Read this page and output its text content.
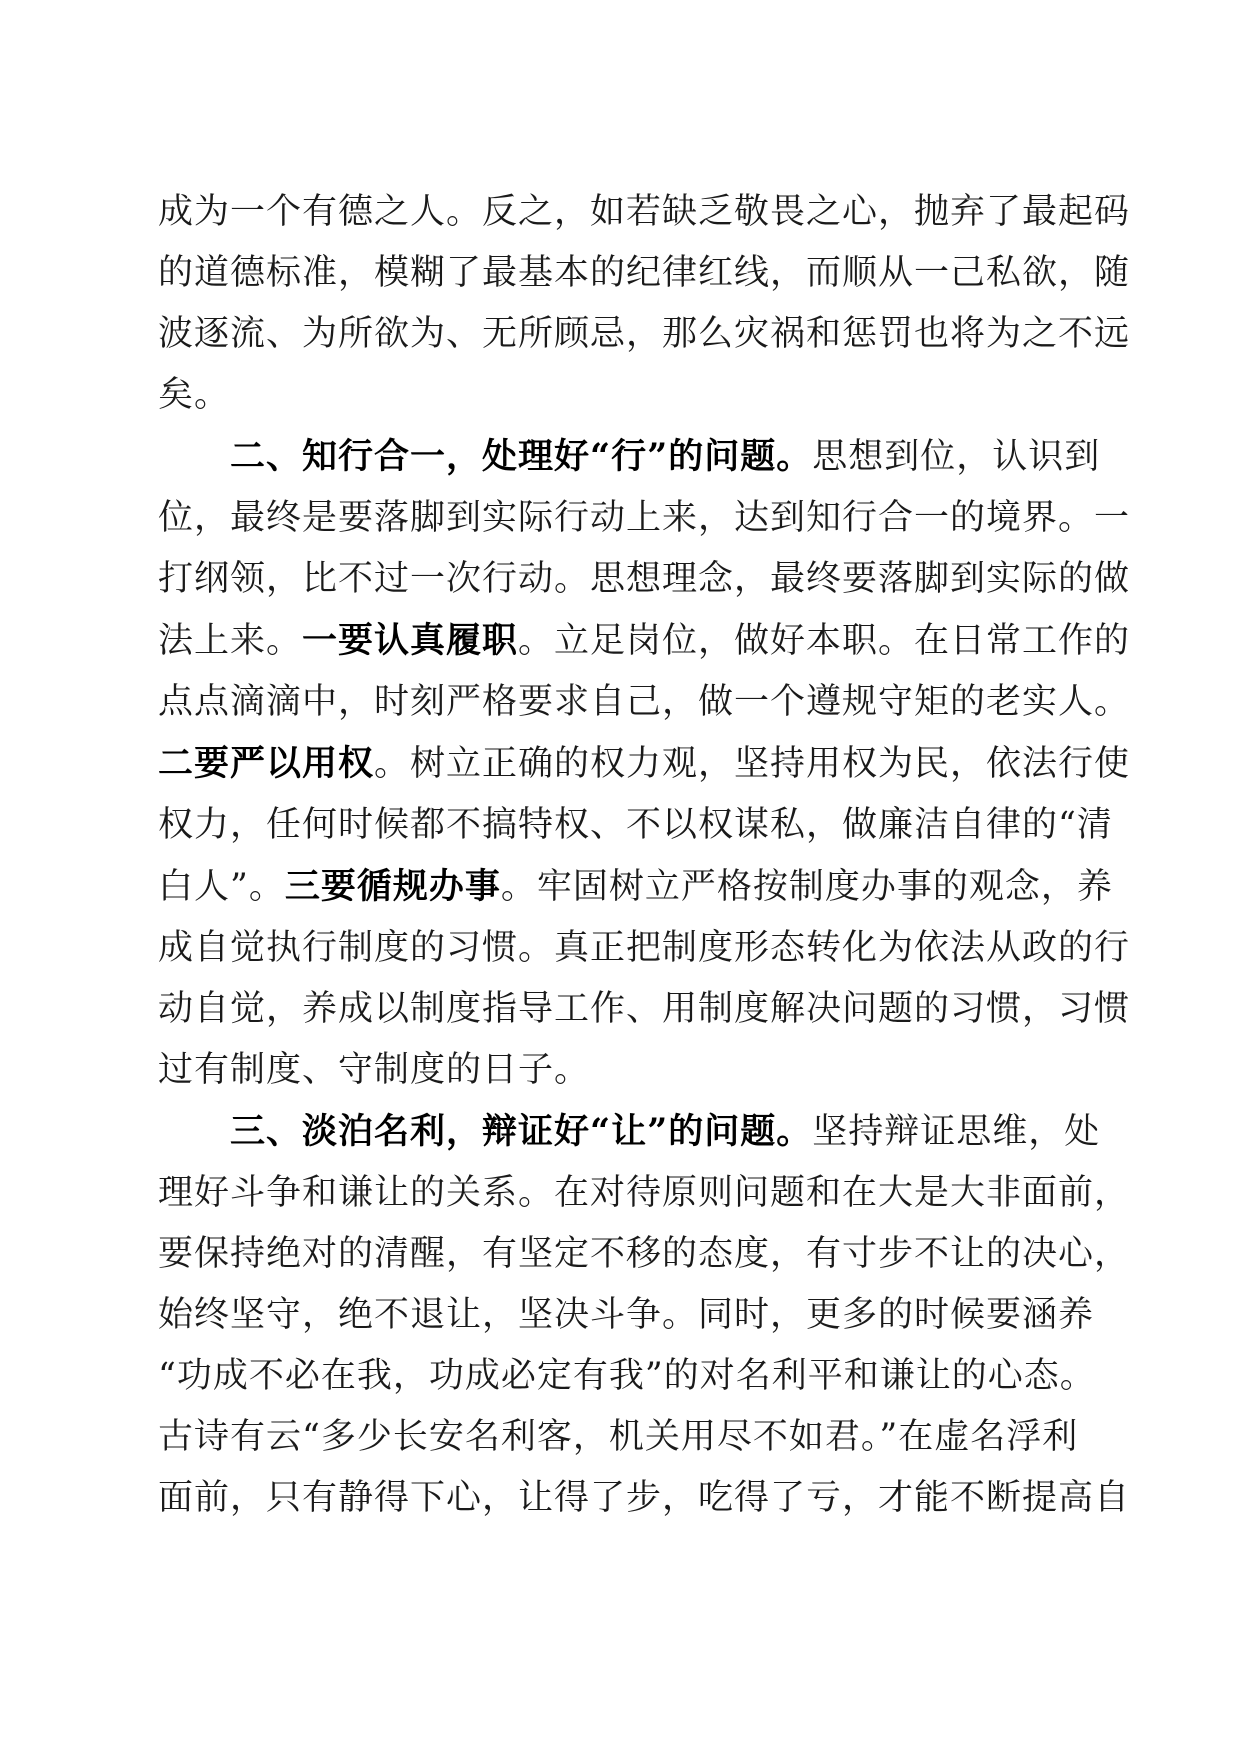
成为一个有德之人。反之，如若缺乏敬畏之心，抛弃了最起码
的道德标准，模糊了最基本的纪律红线，而顺从一己私欲，随
波逐流、为所欲为、无所顾忌，那么灾祸和惩罚也将为之不远
矣。

　　二、知行合一，处理好“行”的问题。思想到位，认识到
位，最终是要落脚到实际行动上来，达到知行合一的境界。一
打纲领，比不过一次行动。思想理念，最终要落脚到实际的做
法上来。一要认真履职。立足岗位，做好本职。在日常工作的
点点滴滴中，时刻严格要求自己，做一个遵规守矩的老实人。
二要严以用权。树立正确的权力观，坚持用权为民，依法行使
权力，任何时候都不搞特权、不以权谋私，做廉洁自律的“清
白人”。三要循规办事。牢固树立严格按制度办事的观念，养
成自觉执行制度的习惯。真正把制度形态转化为依法从政的行
动自觉，养成以制度指导工作、用制度解决问题的习惯，习惯
过有制度、守制度的日子。

　　三、淡泊名利，辩证好“让”的问题。坚持辩证思维，处
理好斗争和谦让的关系。在对待原则问题和在大是大非面前，
要保持绝对的清醒，有坚定不移的态度，有寸步不让的决心，
始终坚守，绝不退让，坚决斗争。同时，更多的时候要涵养
“功成不必在我，功成必定有我”的对名利平和谦让的心态。
古诗有云“多少长安名利客，机关用尽不如君。”在虚名浮利
面前，只有静得下心，让得了步，吃得了亏，才能不断提高自
